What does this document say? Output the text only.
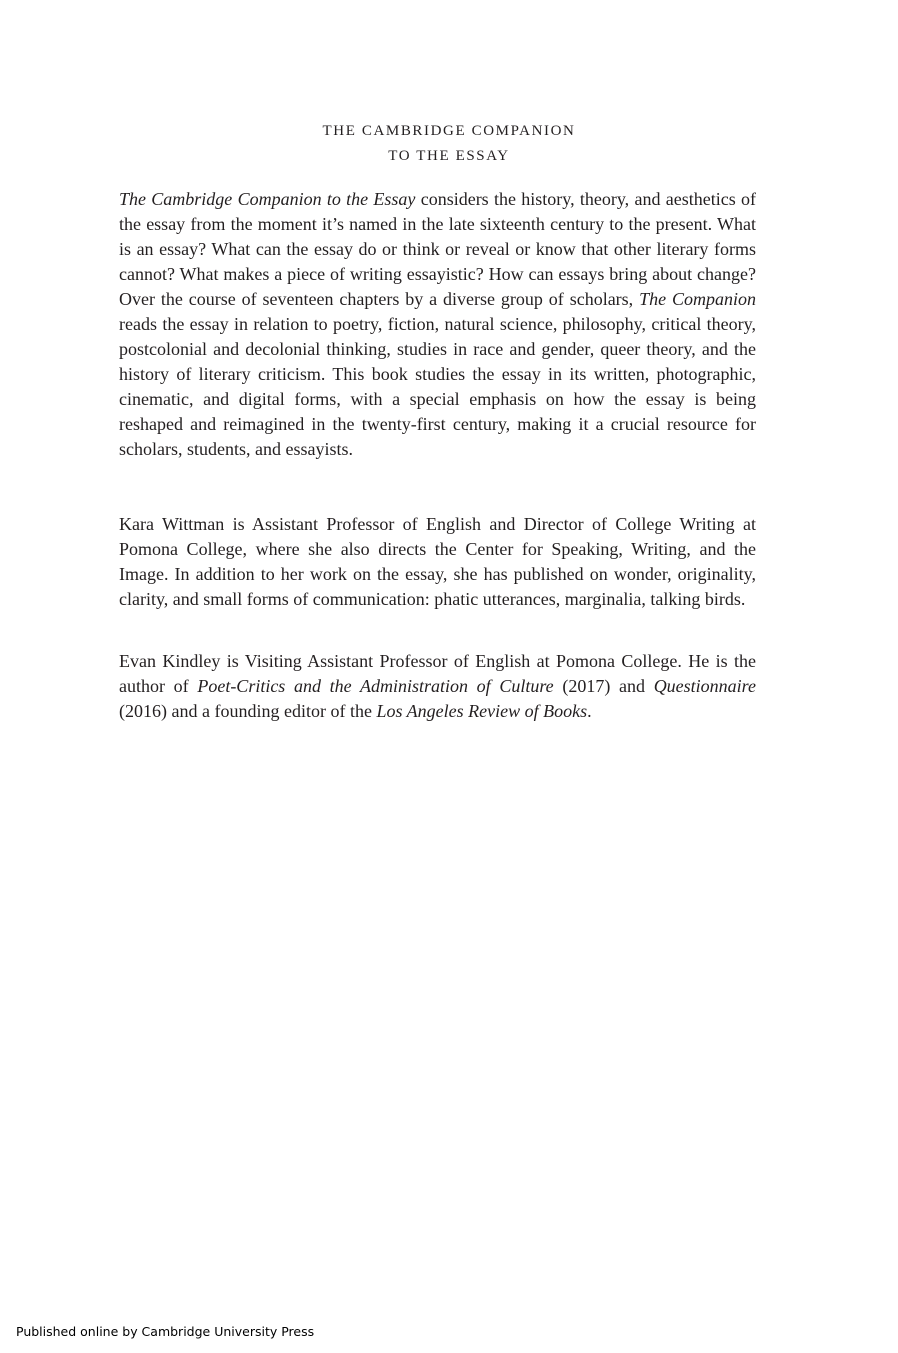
THE CAMBRIDGE COMPANION
TO THE ESSAY

The Cambridge Companion to the Essay considers the history, theory, and aesthetics of the essay from the moment it’s named in the late sixteenth century to the present. What is an essay? What can the essay do or think or reveal or know that other literary forms cannot? What makes a piece of writing essayistic? How can essays bring about change? Over the course of seventeen chapters by a diverse group of scholars, The Companion reads the essay in relation to poetry, fiction, natural science, philosophy, critical theory, postcolonial and decolonial thinking, studies in race and gender, queer theory, and the history of literary criticism. This book studies the essay in its written, photographic, cinematic, and digital forms, with a special emphasis on how the essay is being reshaped and reimagined in the twenty-first century, making it a crucial resource for scholars, students, and essayists.

Kara Wittman is Assistant Professor of English and Director of College Writing at Pomona College, where she also directs the Center for Speaking, Writing, and the Image. In addition to her work on the essay, she has published on wonder, originality, clarity, and small forms of communication: phatic utterances, marginalia, talking birds.

Evan Kindley is Visiting Assistant Professor of English at Pomona College. He is the author of Poet-Critics and the Administration of Culture (2017) and Questionnaire (2016) and a founding editor of the Los Angeles Review of Books.

Published online by Cambridge University Press
